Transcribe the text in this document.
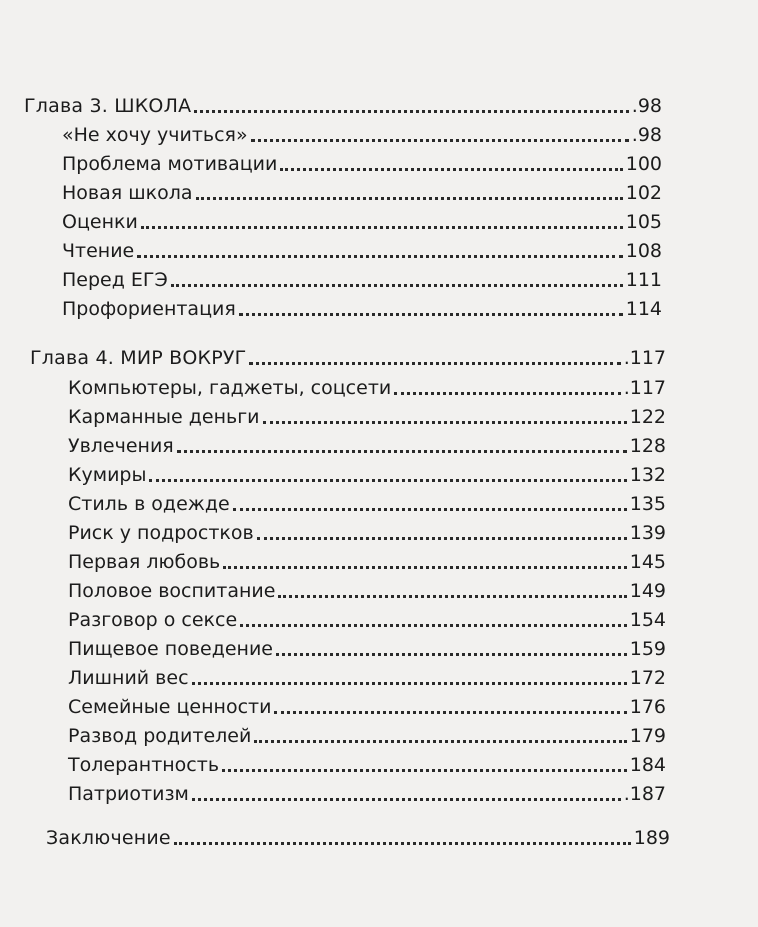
Глава 3. ШКОЛА	.98
«Не хочу учиться»	.98
Проблема мотивации	100
Новая школа	102
Оценки	105
Чтение	108
Перед ЕГЭ	111
Профориентация	114
Глава 4. МИР ВОКРУГ	.117
Компьютеры, гаджеты, соцсети	.117
Карманные деньги	122
Увлечения	128
Кумиры	132
Стиль в одежде	135
Риск у подростков	139
Первая любовь	145
Половое воспитание	149
Разговор о сексе	154
Пищевое поведение	159
Лишний вес	172
Семейные ценности	176
Развод родителей	179
Толерантность	184
Патриотизм	.187
Заключение	189
